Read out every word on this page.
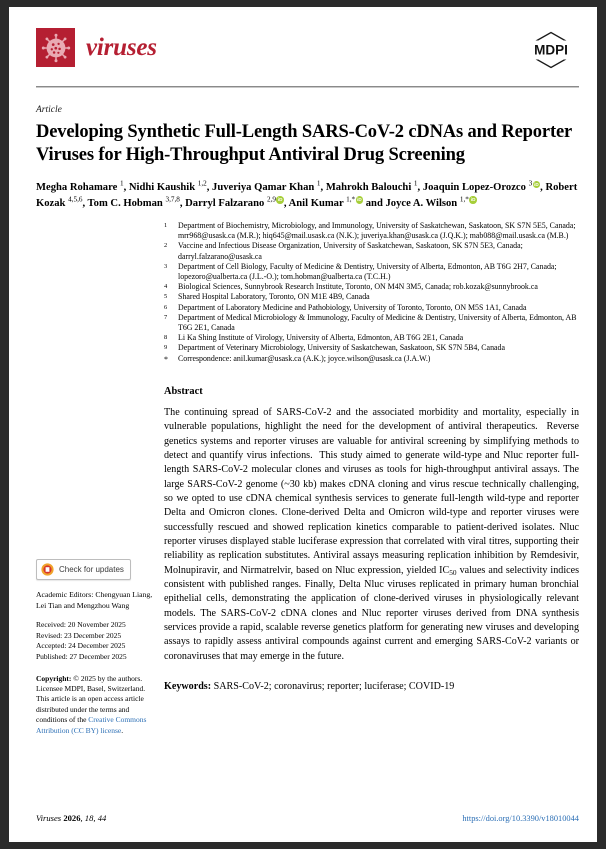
viruses	MDPI
Article
Developing Synthetic Full-Length SARS-CoV-2 cDNAs and Reporter Viruses for High-Throughput Antiviral Drug Screening
Megha Rohamare $^1$, Nidhi Kaushik $^{1,2}$, Juveriya Qamar Khan $^1$, Mahrokh Balouchi $^1$, Joaquin Lopez-Orozco $^3$ iD , Robert Kozak $^{4,5,6}$, Tom C. Hobman $^{3,7,8}$, Darryl Falzarano $^{2,9}$ iD , Anil Kumar $^{1,*}$iD and Joyce A. Wilson $^{1,*}$iD
Check for updates
Academic Editors: Chengyuan Liang, Lei Tian and Mengzhou Wang
Received: 20 November 2025
Revised: 23 December 2025
Accepted: 24 December 2025
Published: 27 December 2025
Copyright: © 2025 by the authors. Licensee MDPI, Basel, Switzerland. This article is an open access article distributed under the terms and conditions of the Creative Commons Attribution (CC BY) license.
1	Department of Biochemistry, Microbiology, and Immunology, University of Saskatchewan, Saskatoon, SK S7N 5E5, Canada; mrr968@usask.ca (M.R.); hiq645@mail.usask.ca (N.K.); juveriya.khan@usask.ca (J.Q.K.); mab088@mail.usask.ca (M.B.)
2	Vaccine and Infectious Disease Organization, University of Saskatchewan, Saskatoon, SK S7N 5E3, Canada; darryl.falzarano@usask.ca
3	Department of Cell Biology, Faculty of Medicine & Dentistry, University of Alberta, Edmonton, AB T6G 2H7, Canada; lopezoro@ualberta.ca (J.L.-O.); tom.hobman@ualberta.ca (T.C.H.)
4	Biological Sciences, Sunnybrook Research Institute, Toronto, ON M4N 3M5, Canada; rob.kozak@sunnybrook.ca
5	Shared Hospital Laboratory, Toronto, ON M1E 4B9, Canada
6	Department of Laboratory Medicine and Pathobiology, University of Toronto, Toronto, ON M5S 1A1, Canada
7	Department of Medical Microbiology & Immunology, Faculty of Medicine & Dentistry, University of Alberta, Edmonton, AB T6G 2E1, Canada
8	Li Ka Shing Institute of Virology, University of Alberta, Edmonton, AB T6G 2E1, Canada
9	Department of Veterinary Microbiology, University of Saskatchewan, Saskatoon, SK S7N 5B4, Canada
*	Correspondence: anil.kumar@usask.ca (A.K.); joyce.wilson@usask.ca (J.A.W.)
Abstract
The continuing spread of SARS-CoV-2 and the associated morbidity and mortality, especially in vulnerable populations, highlight the need for the development of antiviral therapeutics.  Reverse genetics systems and reporter viruses are valuable for antiviral screening by simplifying methods to detect and quantify virus infections.  This study aimed to generate wild-type and Nluc reporter full-length SARS-CoV-2 molecular clones and viruses as tools for high-throughput antiviral assays. The large SARS-CoV-2 genome (~30 kb) makes cDNA cloning and virus rescue technically challenging, so we opted to use cDNA chemical synthesis services to generate full-length wild-type and reporter Delta and Omicron clones. Clone-derived Delta and Omicron wild-type and reporter viruses were successfully rescued and showed replication kinetics comparable to patient-derived isolates. Nluc reporter viruses displayed stable luciferase expression that correlated with viral titres, supporting their reliability as replication substitutes. Antiviral assays measuring replication inhibition by Remdesivir, Molnupiravir, and Nirmatrelvir, based on Nluc expression, yielded $IC_{50}$ values and selectivity indices consistent with published ranges. Finally, Delta Nluc viruses replicated in primary human bronchial epithelial cells, demonstrating the application of clone-derived viruses in physiologically relevant models. The SARS-CoV-2 cDNA clones and Nluc reporter viruses derived from DNA synthesis services provide a rapid, scalable reverse genetics platform for generating new viruses and developing assays to rapidly assess antiviral compounds against current and emerging SARS-CoV-2 variants or coronaviruses that may emerge in the future.
Keywords: SARS-CoV-2; coronavirus; reporter; luciferase; COVID-19
Viruses 2026, 18, 44	https://doi.org/10.3390/v18010044
